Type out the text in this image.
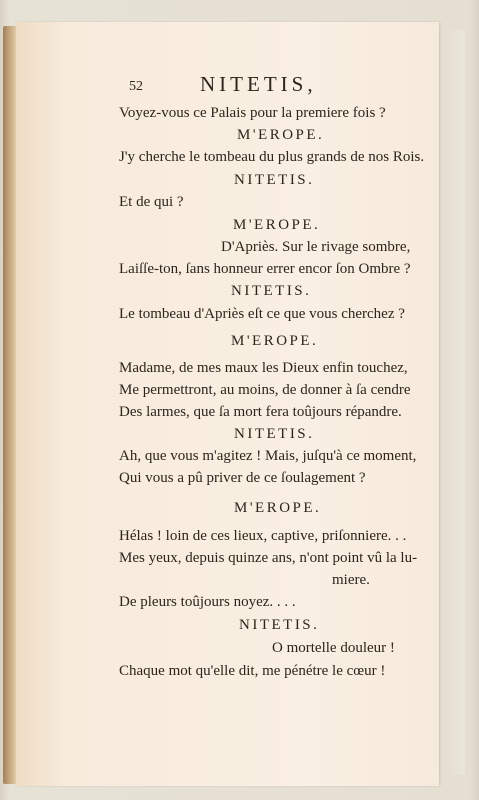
52	NITETIS,
Voyez-vous ce Palais pour la premiere fois ?
M'EROPE.
J'y cherche le tombeau du plus grands de nos Rois.
NITETIS.
Et de qui ?
M'EROPE.
D'Apriès. Sur le rivage sombre,
Laiſſe-ton, ſans honneur errer encor ſon Ombre ?
NITETIS.
Le tombeau d'Apriès eſt ce que vous cherchez ?
M'EROPE.
Madame, de mes maux les Dieux enfin touchez,
Me permettront, au moins, de donner à ſa cendre
Des larmes, que ſa mort fera toûjours répandre.
NITETIS.
Ah, que vous m'agitez ! Mais, juſqu'à ce moment,
Qui vous a pû priver de ce ſoulagement ?
M'EROPE.
Hélas ! loin de ces lieux, captive, priſonniere. . .
Mes yeux, depuis quinze ans, n'ont point vû la lu-
miere.
De pleurs toûjours noyez. . . .
NITETIS.
O mortelle douleur !
Chaque mot qu'elle dit, me pénétre le cœur !
